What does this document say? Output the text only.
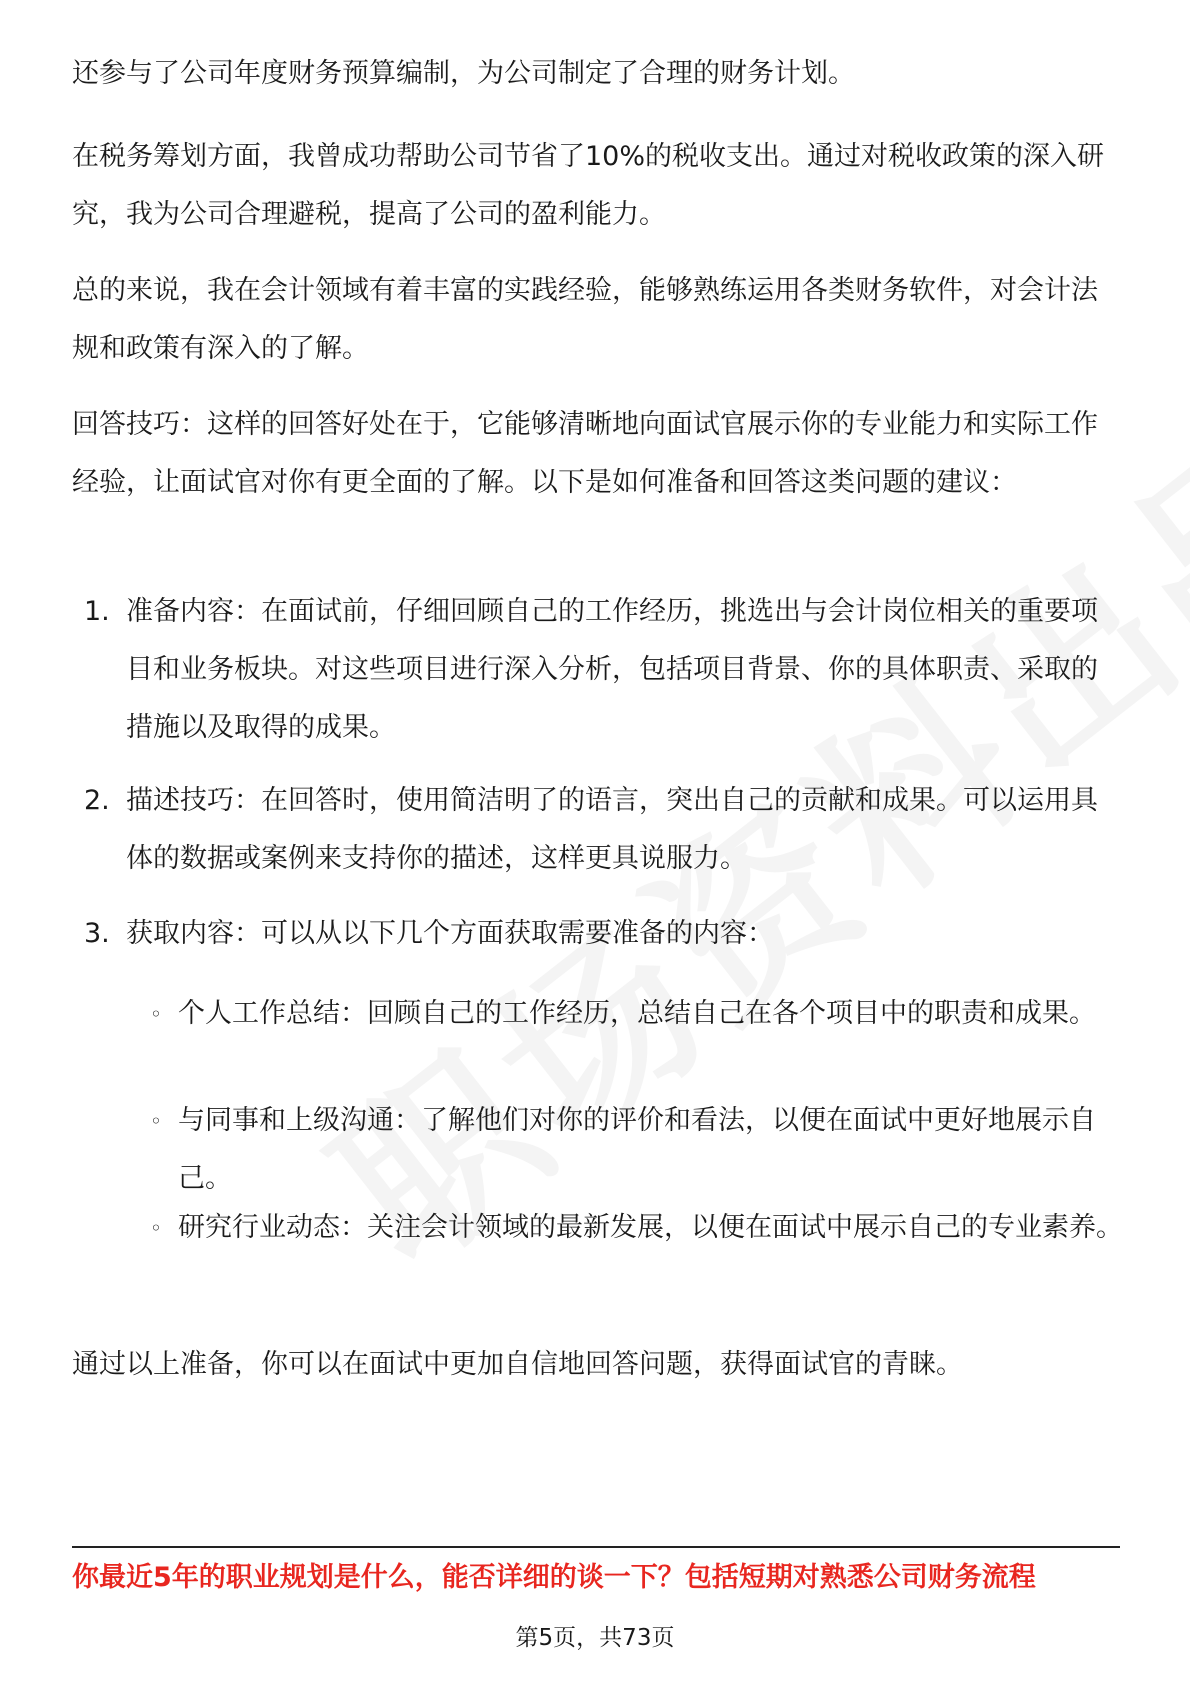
还参与了公司年度财务预算编制，为公司制定了合理的财务计划。

在税务筹划方面，我曾成功帮助公司节省了10%的税收支出。通过对税收政策的深入研究，我为公司合理避税，提高了公司的盈利能力。

总的来说，我在会计领域有着丰富的实践经验，能够熟练运用各类财务软件，对会计法规和政策有深入的了解。

回答技巧：这样的回答好处在于，它能够清晰地向面试官展示你的专业能力和实际工作经验，让面试官对你有更全面的了解。以下是如何准备和回答这类问题的建议：

1. 准备内容：在面试前，仔细回顾自己的工作经历，挑选出与会计岗位相关的重要项目和业务板块。对这些项目进行深入分析，包括项目背景、你的具体职责、采取的措施以及取得的成果。
2. 描述技巧：在回答时，使用简洁明了的语言，突出自己的贡献和成果。可以运用具体的数据或案例来支持你的描述，这样更具说服力。
3. 获取内容：可以从以下几个方面获取需要准备的内容：
◦ 个人工作总结：回顾自己的工作经历，总结自己在各个项目中的职责和成果。
◦ 与同事和上级沟通：了解他们对你的评价和看法，以便在面试中更好地展示自己。
◦ 研究行业动态：关注会计领域的最新发展，以便在面试中展示自己的专业素养。

通过以上准备，你可以在面试中更加自信地回答问题，获得面试官的青睐。

你最近5年的职业规划是什么，能否详细的谈一下？包括短期对熟悉公司财务流程
第5页，共73页
